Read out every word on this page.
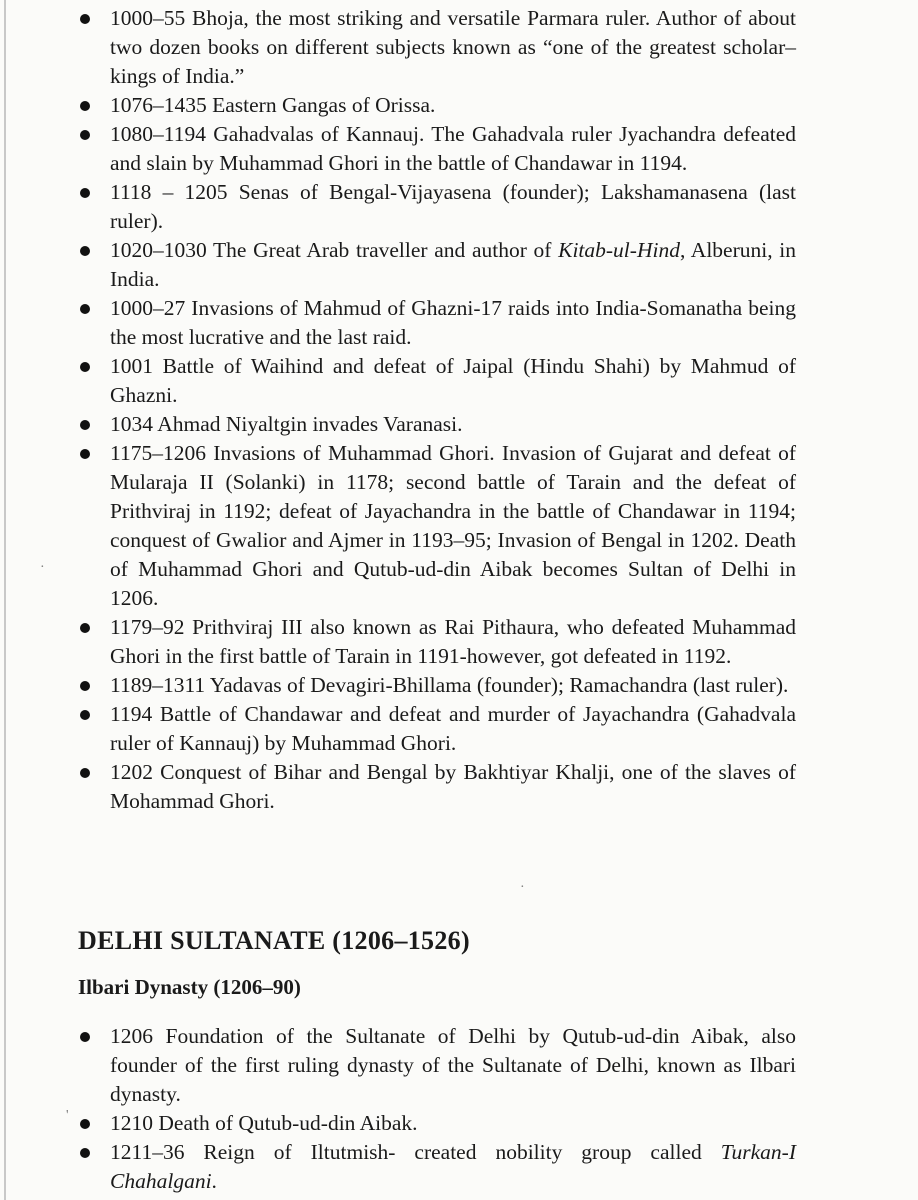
1000–55 Bhoja, the most striking and versatile Parmara ruler. Author of about two dozen books on different subjects known as “one of the greatest scholar–kings of India.”
1076–1435 Eastern Gangas of Orissa.
1080–1194 Gahadvalas of Kannauj. The Gahadvala ruler Jyachandra defeated and slain by Muhammad Ghori in the battle of Chandawar in 1194.
1118 – 1205 Senas of Bengal-Vijayasena (founder); Lakshamanasena (last ruler).
1020–1030 The Great Arab traveller and author of Kitab-ul-Hind, Alberuni, in India.
1000–27 Invasions of Mahmud of Ghazni-17 raids into India-Somanatha being the most lucrative and the last raid.
1001 Battle of Waihind and defeat of Jaipal (Hindu Shahi) by Mahmud of Ghazni.
1034 Ahmad Niyaltgin invades Varanasi.
1175–1206 Invasions of Muhammad Ghori. Invasion of Gujarat and defeat of Mularaja II (Solanki) in 1178; second battle of Tarain and the defeat of Prithviraj in 1192; defeat of Jayachandra in the battle of Chandawar in 1194; conquest of Gwalior and Ajmer in 1193–95; Invasion of Bengal in 1202. Death of Muhammad Ghori and Qutub-ud-din Aibak becomes Sultan of Delhi in 1206.
1179–92 Prithviraj III also known as Rai Pithaura, who defeated Muhammad Ghori in the first battle of Tarain in 1191-however, got defeated in 1192.
1189–1311 Yadavas of Devagiri-Bhillama (founder); Ramachandra (last ruler).
1194 Battle of Chandawar and defeat and murder of Jayachandra (Gahadvala ruler of Kannauj) by Muhammad Ghori.
1202 Conquest of Bihar and Bengal by Bakhtiyar Khalji, one of the slaves of Mohammad Ghori.
DELHI SULTANATE (1206–1526)
Ilbari Dynasty (1206–90)
1206 Foundation of the Sultanate of Delhi by Qutub-ud-din Aibak, also founder of the first ruling dynasty of the Sultanate of Delhi, known as Ilbari dynasty.
1210 Death of Qutub-ud-din Aibak.
1211–36 Reign of Iltutmish- created nobility group called Turkan-I Chahalgani.
·
·
'
